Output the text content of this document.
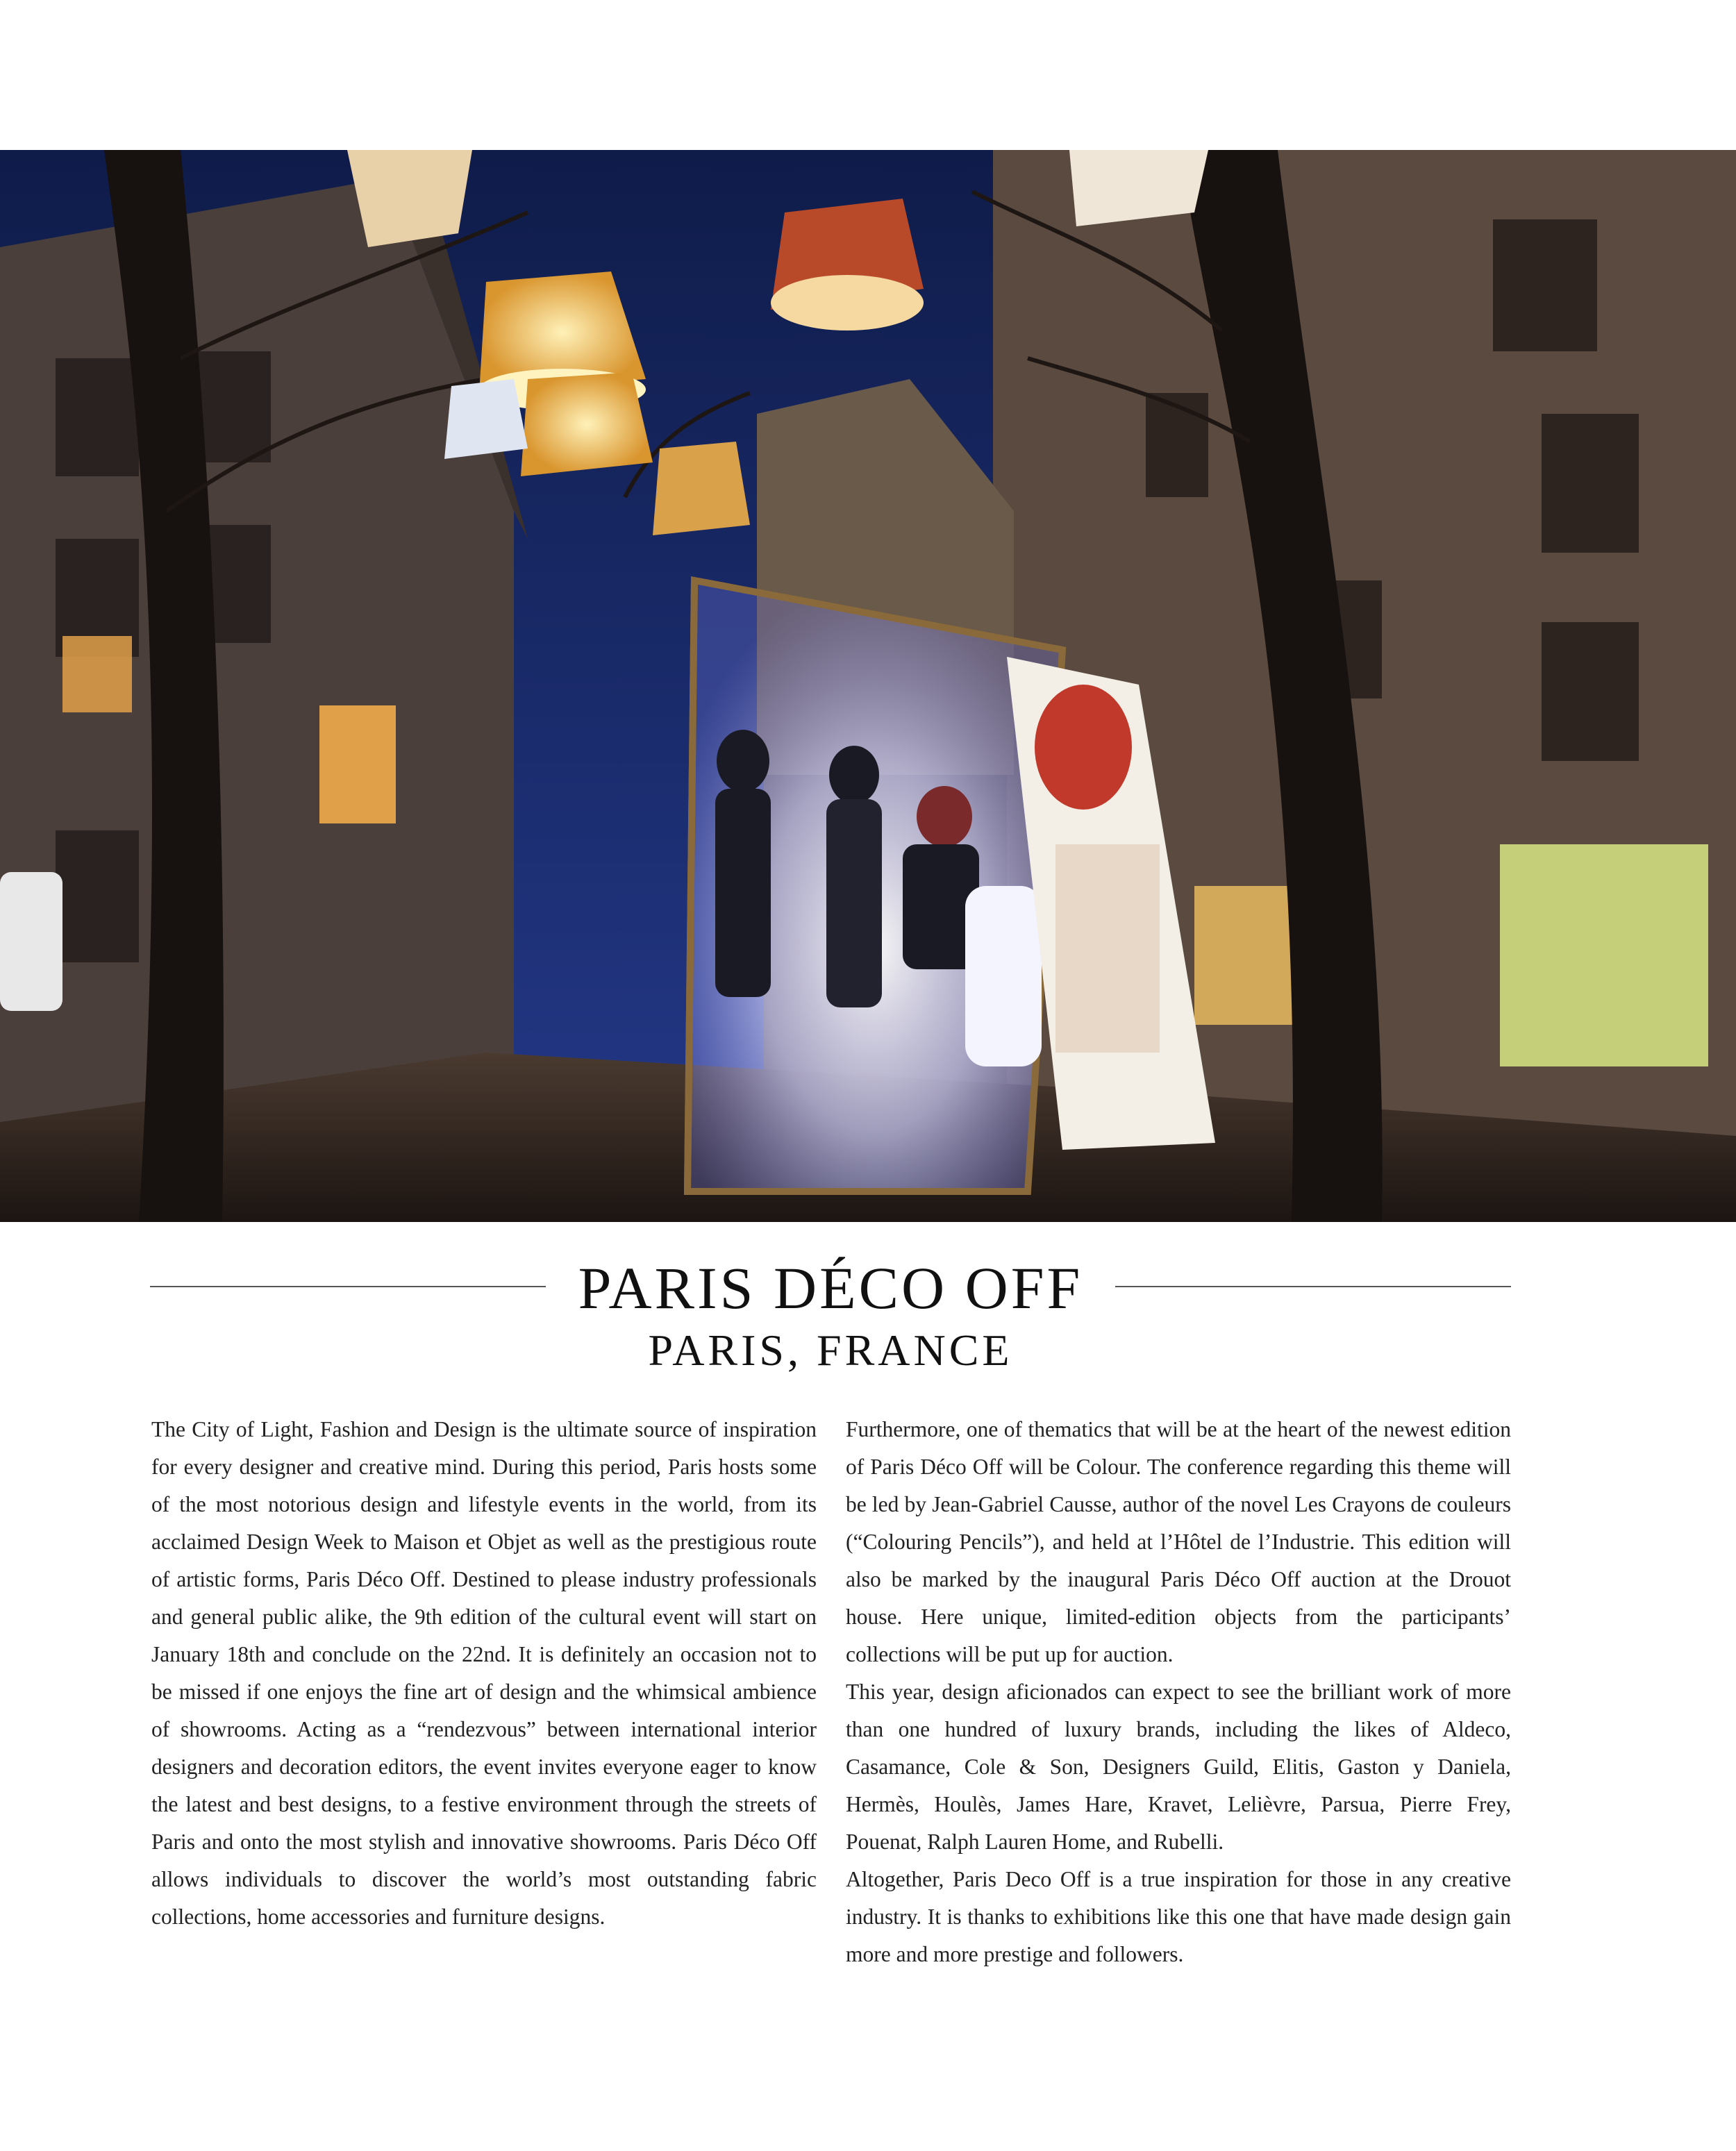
PARIS DÉCO OFF
PARIS, FRANCE

The City of Light, Fashion and Design is the ultimate source of inspiration for every designer and creative mind. During this period, Paris hosts some of the most notorious design and lifestyle events in the world, from its acclaimed Design Week to Maison et Objet as well as the prestigious route of artistic forms, Paris Déco Off. Destined to please industry professionals and general public alike, the 9th edition of the cultural event will start on January 18th and conclude on the 22nd. It is definitely an occasion not to be missed if one enjoys the fine art of design and the whimsical ambience of showrooms. Acting as a “rendezvous” between international interior designers and decoration editors, the event invites everyone eager to know the latest and best designs, to a festive environment through the streets of Paris and onto the most stylish and innovative showrooms. Paris Déco Off allows individuals to discover the world’s most outstanding fabric collections, home accessories and furniture designs.

Furthermore, one of thematics that will be at the heart of the newest edition of Paris Déco Off will be Colour. The conference regarding this theme will be led by Jean-Gabriel Causse, author of the novel Les Crayons de couleurs (“Colouring Pencils”), and held at l’Hôtel de l’Industrie. This edition will also be marked by the inaugural Paris Déco Off auction at the Drouot house. Here unique, limited-edition objects from the participants’ collections will be put up for auction.

This year, design aficionados can expect to see the brilliant work of more than one hundred of luxury brands, including the likes of Aldeco, Casamance, Cole & Son, Designers Guild, Elitis, Gaston y Daniela, Hermès, Houlès, James Hare, Kravet, Lelièvre, Parsua, Pierre Frey, Pouenat, Ralph Lauren Home, and Rubelli.

Altogether, Paris Deco Off is a true inspiration for those in any creative industry. It is thanks to exhibitions like this one that have made design gain more and more prestige and followers.
